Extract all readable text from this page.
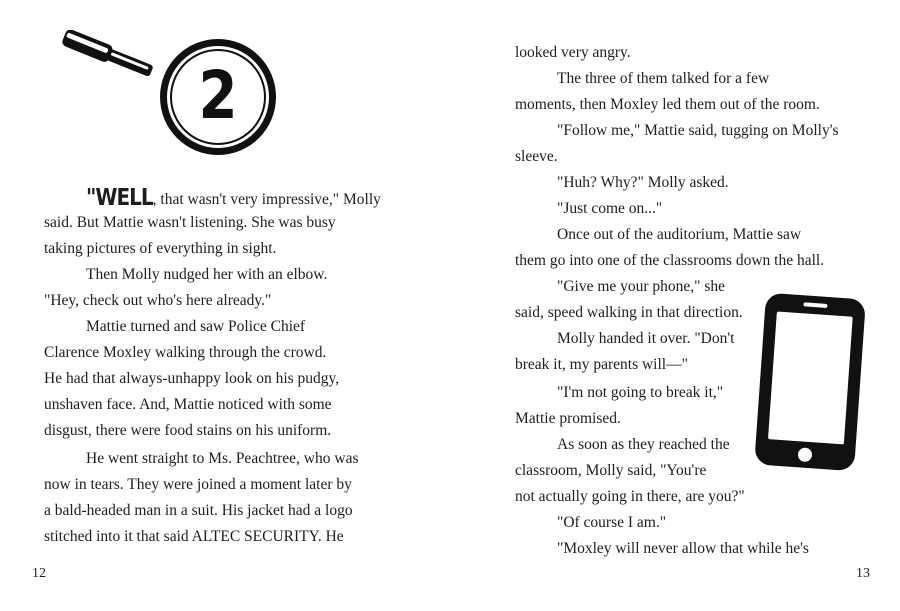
2
"WELL, that wasn't very impressive," Molly
said. But Mattie wasn't listening. She was busy
taking pictures of everything in sight.
Then Molly nudged her with an elbow.
"Hey, check out who's here already."
Mattie turned and saw Police Chief
Clarence Moxley walking through the crowd.
He had that always-unhappy look on his pudgy,
unshaven face. And, Mattie noticed with some
disgust, there were food stains on his uniform.
He went straight to Ms. Peachtree, who was
now in tears. They were joined a moment later by
a bald-headed man in a suit. His jacket had a logo
stitched into it that said ALTEC SECURITY. He
12
looked very angry.
The three of them talked for a few
moments, then Moxley led them out of the room.
"Follow me," Mattie said, tugging on Molly's
sleeve.
"Huh? Why?" Molly asked.
"Just come on..."
Once out of the auditorium, Mattie saw
them go into one of the classrooms down the hall.
"Give me your phone," she
said, speed walking in that direction.
Molly handed it over. "Don't
break it, my parents will—"
"I'm not going to break it,"
Mattie promised.
As soon as they reached the
classroom, Molly said, "You're
not actually going in there, are you?"
"Of course I am."
"Moxley will never allow that while he's
13
